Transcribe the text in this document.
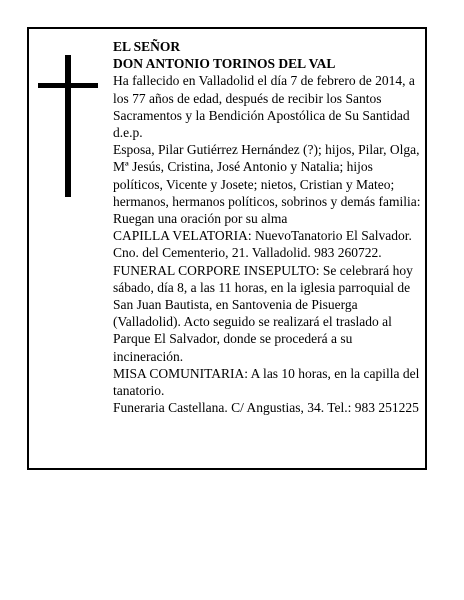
EL SEÑOR

DON ANTONIO TORINOS DEL VAL

Ha fallecido en Valladolid el día 7 de febrero de 2014, a los 77 años de edad, después de recibir los Santos Sacramentos y la Bendición Apostólica de Su Santidad d.e.p.

Esposa, Pilar Gutiérrez Hernández (?); hijos, Pilar, Olga, Mª Jesús, Cristina, José Antonio y Natalia; hijos políticos, Vicente y Josete; nietos, Cristian y Mateo; hermanos, hermanos políticos, sobrinos y demás familia:

Ruegan una oración por su alma

CAPILLA VELATORIA: NuevoTanatorio El Salvador. Cno. del Cementerio, 21. Valladolid. 983 260722.

FUNERAL CORPORE INSEPULTO: Se celebrará hoy sábado, día 8, a las 11 horas, en la iglesia parroquial de San Juan Bautista, en Santovenia de Pisuerga (Valladolid). Acto seguido se realizará el traslado al Parque El Salvador, donde se procederá a su incineración.

MISA COMUNITARIA: A las 10 horas, en la capilla del tanatorio.

Funeraria Castellana. C/ Angustias, 34. Tel.: 983 251225
